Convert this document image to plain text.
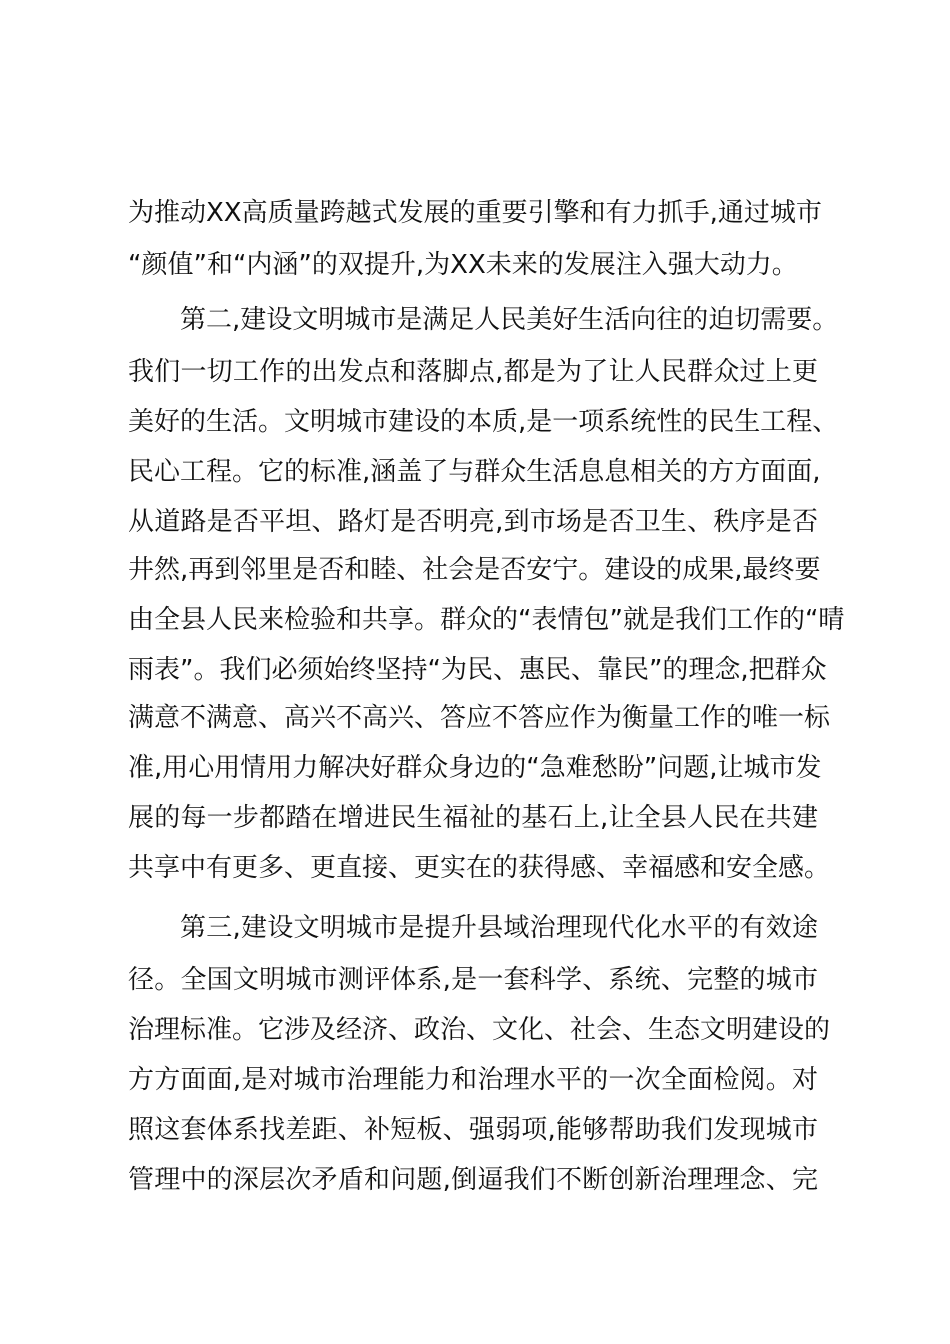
为推动XX高质量跨越式发展的重要引擎和有力抓手,通过城市
“颜值”和“内涵”的双提升,为XX未来的发展注入强大动力。
第二,建设文明城市是满足人民美好生活向往的迫切需要。
我们一切工作的出发点和落脚点,都是为了让人民群众过上更
美好的生活。文明城市建设的本质,是一项系统性的民生工程、
民心工程。它的标准,涵盖了与群众生活息息相关的方方面面,
从道路是否平坦、路灯是否明亮,到市场是否卫生、秩序是否
井然,再到邻里是否和睦、社会是否安宁。建设的成果,最终要
由全县人民来检验和共享。群众的“表情包”就是我们工作的“晴
雨表”。我们必须始终坚持“为民、惠民、靠民”的理念,把群众
满意不满意、高兴不高兴、答应不答应作为衡量工作的唯一标
准,用心用情用力解决好群众身边的“急难愁盼”问题,让城市发
展的每一步都踏在增进民生福祉的基石上,让全县人民在共建
共享中有更多、更直接、更实在的获得感、幸福感和安全感。
第三,建设文明城市是提升县域治理现代化水平的有效途
径。全国文明城市测评体系,是一套科学、系统、完整的城市
治理标准。它涉及经济、政治、文化、社会、生态文明建设的
方方面面,是对城市治理能力和治理水平的一次全面检阅。对
照这套体系找差距、补短板、强弱项,能够帮助我们发现城市
管理中的深层次矛盾和问题,倒逼我们不断创新治理理念、完
